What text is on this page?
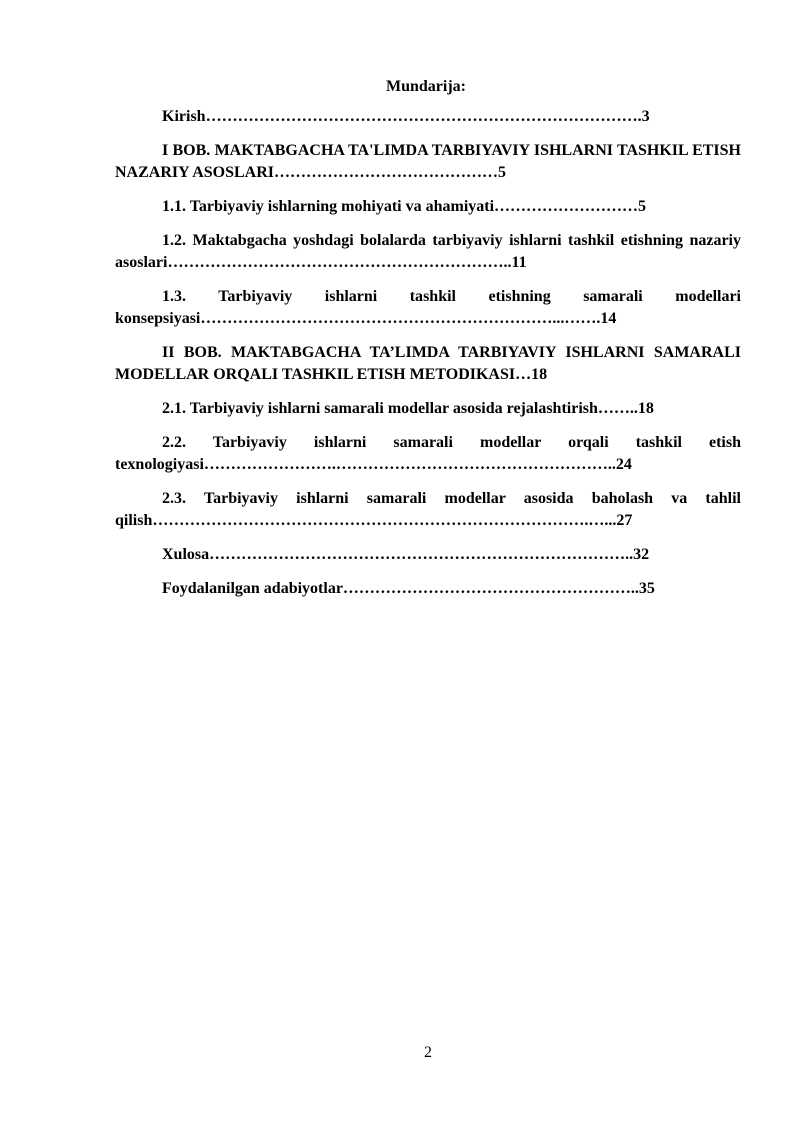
Mundarija:

Kirish……………………………………………………………………….3

I BOB. MAKTABGACHA TA'LIMDA TARBIYAVIY ISHLARNI TASHKIL ETISH NAZARIY ASOSLARI……………………………………5

1.1. Tarbiyaviy ishlarning mohiyati va ahamiyati………………………5

1.2. Maktabgacha yoshdagi bolalarda tarbiyaviy ishlarni tashkil etishning nazariy asoslari………………………………………………………..11

1.3. Tarbiyaviy ishlarni tashkil etishning samarali modellari konsepsiyasi…………………………………………………………...…….14

II BOB. MAKTABGACHA TA’LIMDA TARBIYAVIY ISHLARNI SAMARALI MODELLAR ORQALI TASHKIL ETISH METODIKASI…18

2.1. Tarbiyaviy ishlarni samarali modellar asosida rejalashtirish……..18

2.2. Tarbiyaviy ishlarni samarali modellar orqali tashkil etish texnologiyasi…………………….……………………………………………..24

2.3. Tarbiyaviy ishlarni samarali modellar asosida baholash va tahlil qilish……………………………………………………………………….…...27

Xulosa……………………………………………………………………..32

Foydalanilgan adabiyotlar………………………………………………..35

2
